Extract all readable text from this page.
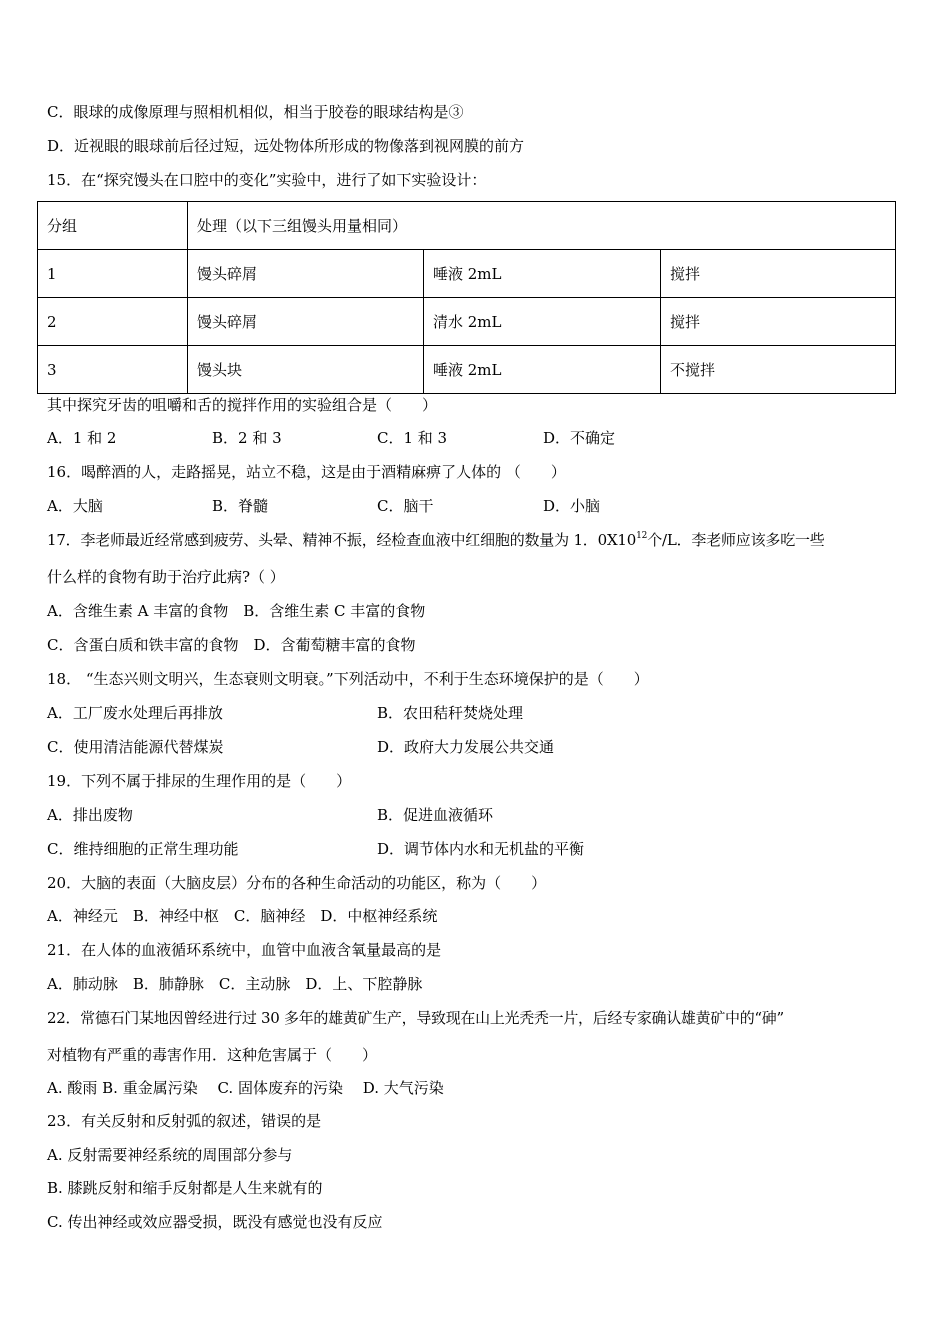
C．眼球的成像原理与照相机相似，相当于胶卷的眼球结构是③
D．近视眼的眼球前后径过短，远处物体所形成的物像落到视网膜的前方
15．在“探究馒头在口腔中的变化”实验中，进行了如下实验设计：
分组	处理（以下三组馒头用量相同）		
1	馒头碎屑	唾液 2mL	搅拌
2	馒头碎屑	清水 2mL	搅拌
3	馒头块	唾液 2mL	不搅拌
其中探究牙齿的咀嚼和舌的搅拌作用的实验组合是（　　）
A．1 和 2	B．2 和 3	C．1 和 3	D．不确定
16．喝醉酒的人，走路摇晃，站立不稳，这是由于酒精麻痹了人体的 （　　）
A．大脑	B．脊髓	C．脑干	D．小脑
17．李老师最近经常感到疲劳、头晕、精神不振，经检查血液中红细胞的数量为 1．$0X10^{12}$个/L．李老师应该多吃一些
什么样的食物有助于治疗此病?（ ）
A．含维生素 A 丰富的食物　B．含维生素 C 丰富的食物
C．含蛋白质和铁丰富的食物　D．含葡萄糖丰富的食物
18． “生态兴则文明兴，生态衰则文明衰。”下列活动中，不利于生态环境保护的是（　　）
A．工厂废水处理后再排放	B．农田秸秆焚烧处理
C．使用清洁能源代替煤炭	D．政府大力发展公共交通
19．下列不属于排尿的生理作用的是（　　）
A．排出废物	B．促进血液循环
C．维持细胞的正常生理功能	D．调节体内水和无机盐的平衡
20．大脑的表面（大脑皮层）分布的各种生命活动的功能区，称为（　　）
A．神经元　B．神经中枢　C．脑神经　D．中枢神经系统
21．在人体的血液循环系统中，血管中血液含氧量最高的是
A．肺动脉　B．肺静脉　C．主动脉　D．上、下腔静脉
22．常德石门某地因曾经进行过 30 多年的雄黄矿生产，导致现在山上光秃秃一片，后经专家确认雄黄矿中的“砷”
对植物有严重的毒害作用．这种危害属于（　　）
A. 酸雨 B. 重金属污染　 C. 固体废弃的污染　 D. 大气污染
23．有关反射和反射弧的叙述，错误的是
A. 反射需要神经系统的周围部分参与
B. 膝跳反射和缩手反射都是人生来就有的
C. 传出神经或效应器受损，既没有感觉也没有反应
